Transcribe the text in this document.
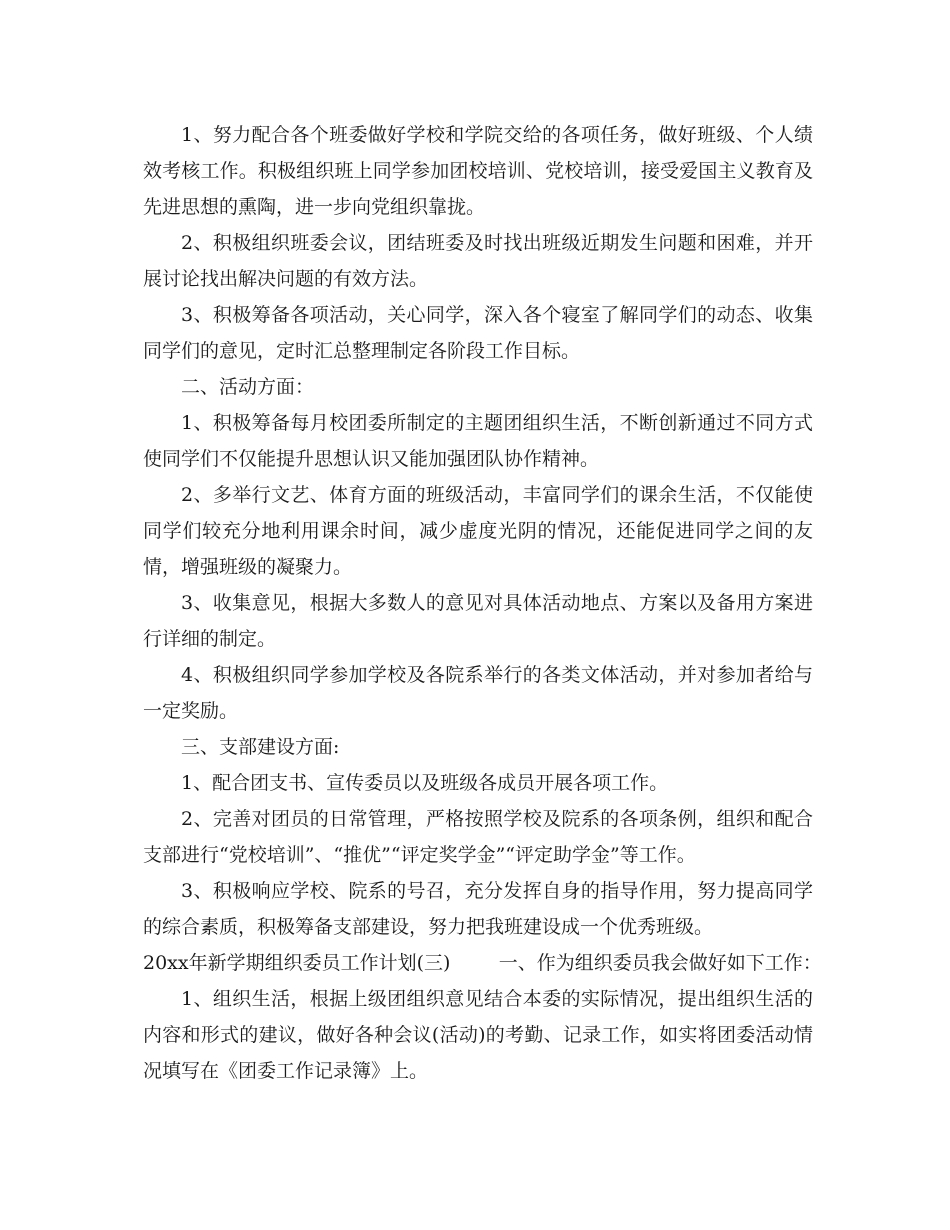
1、努力配合各个班委做好学校和学院交给的各项任务，做好班级、个人绩效考核工作。积极组织班上同学参加团校培训、党校培训，接受爱国主义教育及先进思想的熏陶，进一步向党组织靠拢。

2、积极组织班委会议，团结班委及时找出班级近期发生问题和困难，并开展讨论找出解决问题的有效方法。

3、积极筹备各项活动，关心同学，深入各个寝室了解同学们的动态、收集同学们的意见，定时汇总整理制定各阶段工作目标。

二、活动方面：

1、积极筹备每月校团委所制定的主题团组织生活，不断创新通过不同方式使同学们不仅能提升思想认识又能加强团队协作精神。

2、多举行文艺、体育方面的班级活动，丰富同学们的课余生活，不仅能使同学们较充分地利用课余时间，减少虚度光阴的情况，还能促进同学之间的友情，增强班级的凝聚力。

3、收集意见，根据大多数人的意见对具体活动地点、方案以及备用方案进行详细的制定。

4、积极组织同学参加学校及各院系举行的各类文体活动，并对参加者给与一定奖励。

三、支部建设方面:

1、配合团支书、宣传委员以及班级各成员开展各项工作。

2、完善对团员的日常管理，严格按照学校及院系的各项条例，组织和配合支部进行“党校培训”、“推优”“评定奖学金”“评定助学金”等工作。

3、积极响应学校、院系的号召，充分发挥自身的指导作用，努力提高同学的综合素质，积极筹备支部建设，努力把我班建设成一个优秀班级。

20xx年新学期组织委员工作计划(三)	一、作为组织委员我会做好如下工作：

1、组织生活，根据上级团组织意见结合本委的实际情况，提出组织生活的内容和形式的建议，做好各种会议(活动)的考勤、记录工作，如实将团委活动情况填写在《团委工作记录簿》上。
